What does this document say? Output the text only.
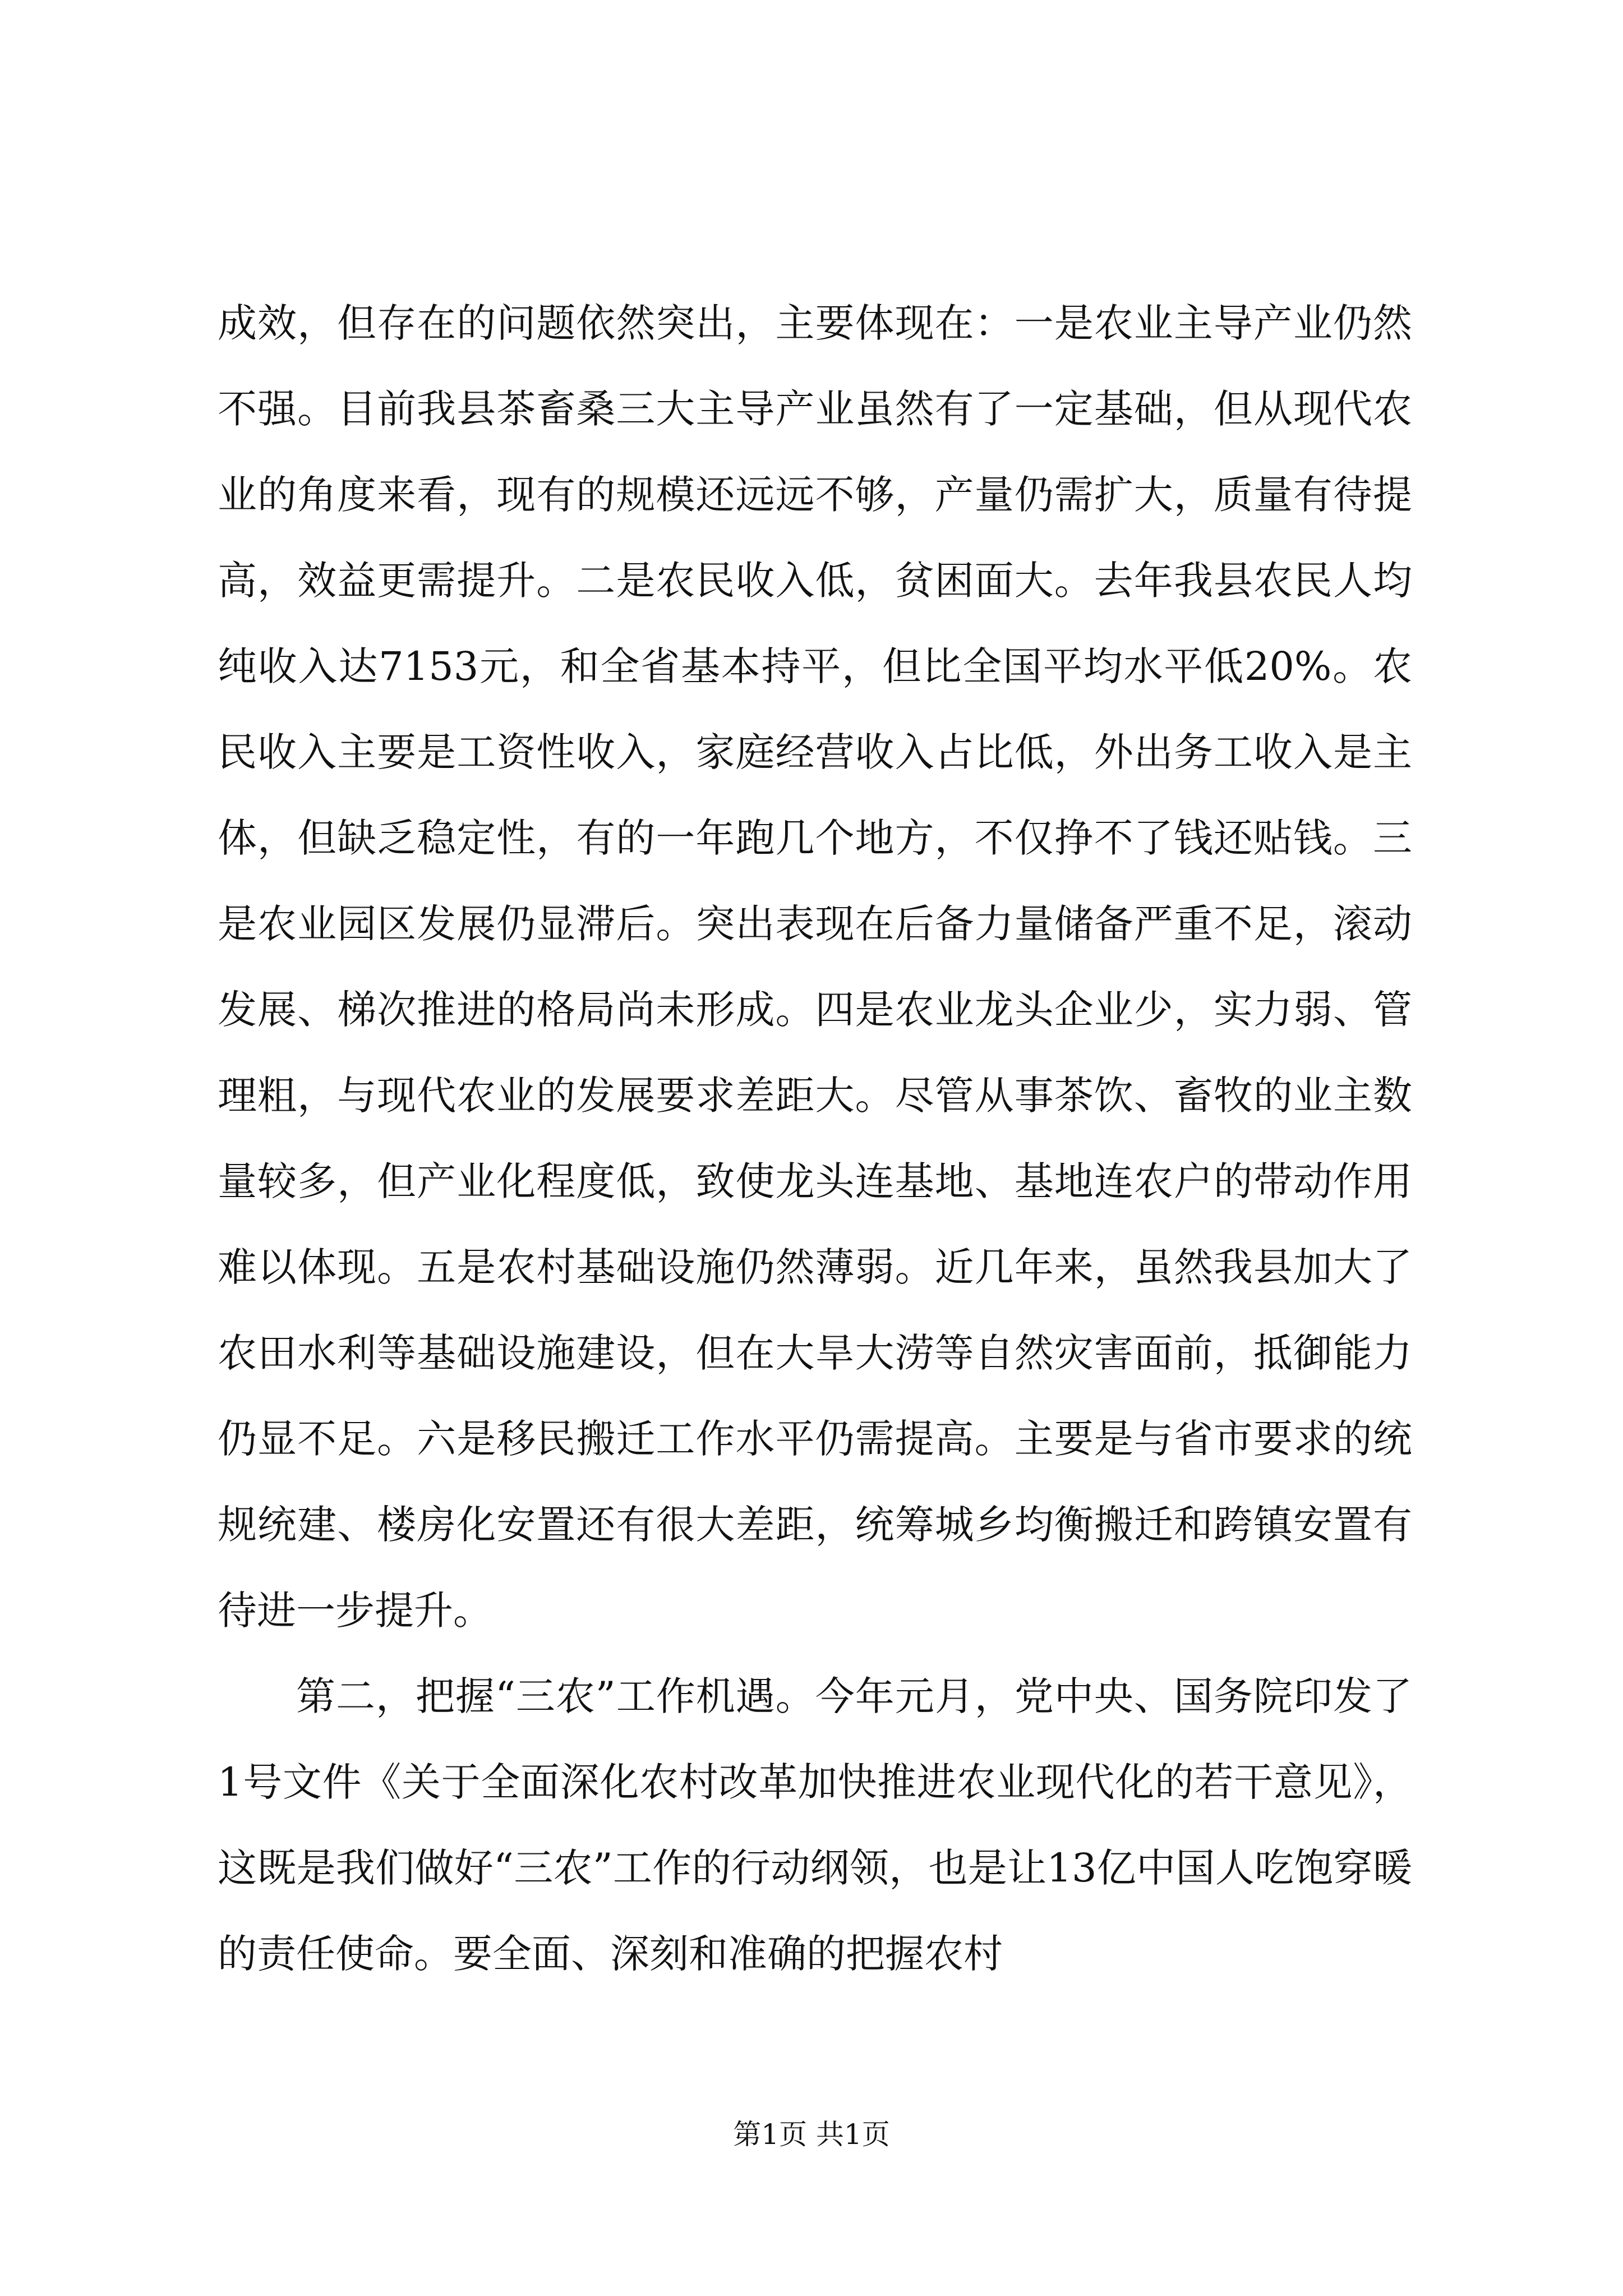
成效，但存在的问题依然突出，主要体现在：一是农业主导产业仍然不强。目前我县茶畜桑三大主导产业虽然有了一定基础，但从现代农业的角度来看，现有的规模还远远不够，产量仍需扩大，质量有待提高，效益更需提升。二是农民收入低，贫困面大。去年我县农民人均纯收入达7153元，和全省基本持平，但比全国平均水平低20%。农民收入主要是工资性收入，家庭经营收入占比低，外出务工收入是主体，但缺乏稳定性，有的一年跑几个地方，不仅挣不了钱还贴钱。三是农业园区发展仍显滞后。突出表现在后备力量储备严重不足，滚动发展、梯次推进的格局尚未形成。四是农业龙头企业少，实力弱、管理粗，与现代农业的发展要求差距大。尽管从事茶饮、畜牧的业主数量较多，但产业化程度低，致使龙头连基地、基地连农户的带动作用难以体现。五是农村基础设施仍然薄弱。近几年来，虽然我县加大了农田水利等基础设施建设，但在大旱大涝等自然灾害面前，抵御能力仍显不足。六是移民搬迁工作水平仍需提高。主要是与省市要求的统规统建、楼房化安置还有很大差距，统筹城乡均衡搬迁和跨镇安置有待进一步提升。

第二，把握“三农”工作机遇。今年元月，党中央、国务院印发了1号文件《关于全面深化农村改革加快推进农业现代化的若干意见》，这既是我们做好“三农”工作的行动纲领，也是让13亿中国人吃饱穿暖的责任使命。要全面、深刻和准确的把握农村

第1页 共1页
